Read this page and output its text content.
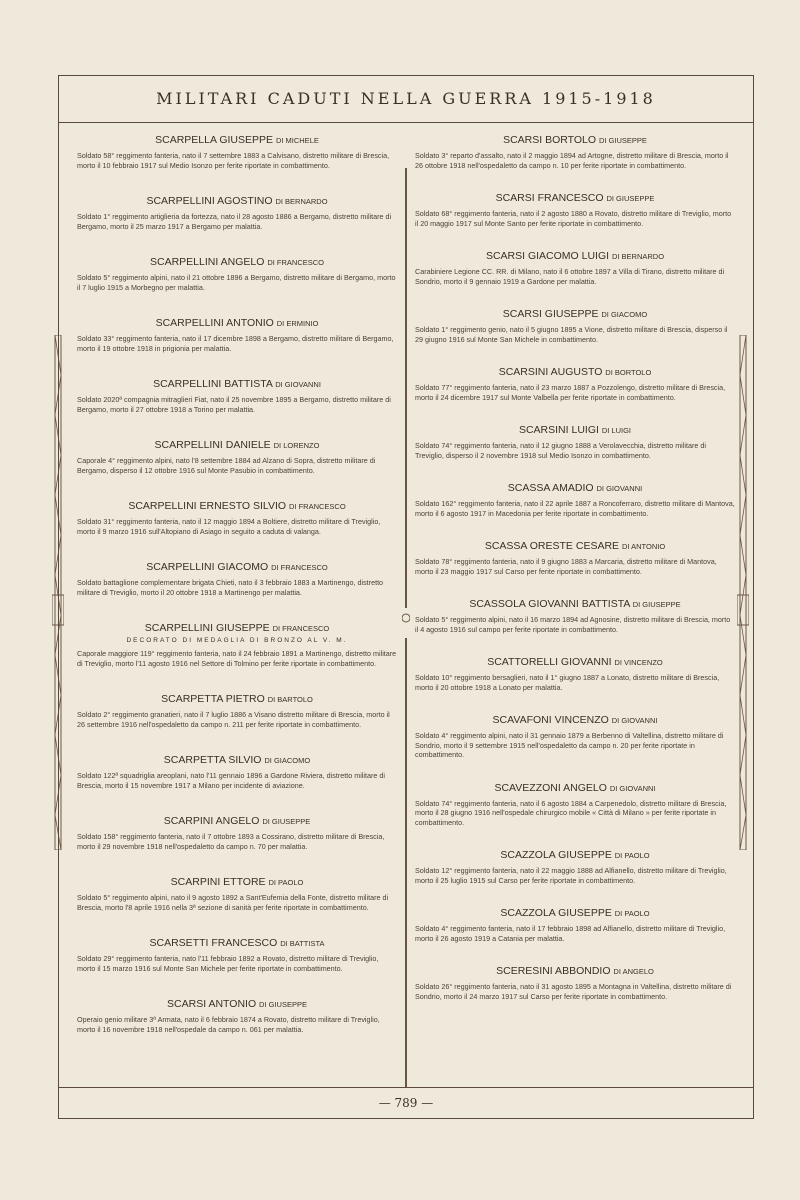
MILITARI CADUTI NELLA GUERRA 1915-1918
SCARPELLA GIUSEPPE DI MICHELE
Soldato 58° reggimento fanteria, nato il 7 settembre 1883 a Calvisano, distretto militare di Brescia, morto il 10 febbraio 1917 sul Medio Isonzo per ferite riportate in combattimento.
SCARPELLINI AGOSTINO DI BERNARDO
Soldato 1° reggimento artiglieria da fortezza, nato il 28 agosto 1886 a Bergamo, distretto militare di Bergamo, morto il 25 marzo 1917 a Bergamo per malattia.
SCARPELLINI ANGELO DI FRANCESCO
Soldato 5° reggimento alpini, nato il 21 ottobre 1896 a Bergamo, distretto militare di Bergamo, morto il 7 luglio 1915 a Morbegno per malattia.
SCARPELLINI ANTONIO DI ERMINIO
Soldato 33° reggimento fanteria, nato il 17 dicembre 1898 a Bergamo, distretto militare di Bergamo, morto il 19 ottobre 1918 in prigionia per malattia.
SCARPELLINI BATTISTA DI GIOVANNI
Soldato 2020ª compagnia mitraglieri Fiat, nato il 25 novembre 1895 a Bergamo, distretto militare di Bergamo, morto il 27 ottobre 1918 a Torino per malattia.
SCARPELLINI DANIELE DI LORENZO
Caporale 4° reggimento alpini, nato l'8 settembre 1884 ad Alzano di Sopra, distretto militare di Bergamo, disperso il 12 ottobre 1916 sul Monte Pasubio in combattimento.
SCARPELLINI ERNESTO SILVIO DI FRANCESCO
Soldato 31° reggimento fanteria, nato il 12 maggio 1894 a Boltiere, distretto militare di Treviglio, morto il 9 marzo 1916 sull'Altopiano di Asiago in seguito a caduta di valanga.
SCARPELLINI GIACOMO DI FRANCESCO
Soldato battaglione complementare brigata Chieti, nato il 3 febbraio 1883 a Martinengo, distretto militare di Treviglio, morto il 20 ottobre 1918 a Martinengo per malattia.
SCARPELLINI GIUSEPPE DI FRANCESCO
DECORATO DI MEDAGLIA DI BRONZO AL V. M.
Caporale maggiore 119° reggimento fanteria, nato il 24 febbraio 1891 a Martinengo, distretto militare di Treviglio, morto l'11 agosto 1916 nel Settore di Tolmino per ferite riportate in combattimento.
SCARPETTA PIETRO DI BARTOLO
Soldato 2° reggimento granatieri, nato il 7 luglio 1886 a Visano distretto militare di Brescia, morto il 26 settembre 1916 nell'ospedaletto da campo n. 211 per ferite riportate in combattimento.
SCARPETTA SILVIO DI GIACOMO
Soldato 122ª squadriglia areoplani, nato l'11 gennaio 1896 a Gardone Riviera, distretto militare di Brescia, morto il 15 novembre 1917 a Milano per incidente di aviazione.
SCARPINI ANGELO DI GIUSEPPE
Soldato 158° reggimento fanteria, nato il 7 ottobre 1893 a Cossirano, distretto militare di Brescia, morto il 29 novembre 1918 nell'ospedaletto da campo n. 70 per malattia.
SCARPINI ETTORE DI PAOLO
Soldato 5° reggimento alpini, nato il 9 agosto 1892 a Sant'Eufemia della Fonte, distretto militare di Brescia, morto l'8 aprile 1916 nella 3ª sezione di sanità per ferite riportate in combattimento.
SCARSETTI FRANCESCO DI BATTISTA
Soldato 29° reggimento fanteria, nato l'11 febbraio 1892 a Rovato, distretto militare di Treviglio, morto il 15 marzo 1916 sul Monte San Michele per ferite riportate in combattimento.
SCARSI ANTONIO DI GIUSEPPE
Operaio genio militare 3ª Armata, nato il 6 febbraio 1874 a Rovato, distretto militare di Treviglio, morto il 16 novembre 1918 nell'ospedale da campo n. 061 per malattia.
SCARSI BORTOLO DI GIUSEPPE
Soldato 3° reparto d'assalto, nato il 2 maggio 1894 ad Artogne, distretto militare di Brescia, morto il 26 ottobre 1918 nell'ospedaletto da campo n. 10 per ferite riportate in combattimento.
SCARSI FRANCESCO DI GIUSEPPE
Soldato 68° reggimento fanteria, nato il 2 agosto 1880 a Rovato, distretto militare di Treviglio, morto il 20 maggio 1917 sul Monte Santo per ferite riportate in combattimento.
SCARSI GIACOMO LUIGI DI BERNARDO
Carabiniere Legione CC. RR. di Milano, nato il 6 ottobre 1897 a Villa di Tirano, distretto militare di Sondrio, morto il 9 gennaio 1919 a Gardone per malattia.
SCARSI GIUSEPPE DI GIACOMO
Soldato 1° reggimento genio, nato il 5 giugno 1895 a Vione, distretto militare di Brescia, disperso il 29 giugno 1916 sul Monte San Michele in combattimento.
SCARSINI AUGUSTO DI BORTOLO
Soldato 77° reggimento fanteria, nato il 23 marzo 1887 a Pozzolengo, distretto militare di Brescia, morto il 24 dicembre 1917 sul Monte Valbella per ferite riportate in combattimento.
SCARSINI LUIGI DI LUIGI
Soldato 74° reggimento fanteria, nato il 12 giugno 1888 a Verolavecchia, distretto militare di Treviglio, disperso il 2 novembre 1918 sul Medio Isonzo in combattimento.
SCASSA AMADIO DI GIOVANNI
Soldato 162° reggimento fanteria, nato il 22 aprile 1887 a Roncoferraro, distretto militare di Mantova, morto il 6 agosto 1917 in Macedonia per ferite riportate in combattimento.
SCASSA ORESTE CESARE DI ANTONIO
Soldato 78° reggimento fanteria, nato il 9 giugno 1883 a Marcaria, distretto militare di Mantova, morto il 23 maggio 1917 sul Carso per ferite riportate in combattimento.
SCASSOLA GIOVANNI BATTISTA DI GIUSEPPE
Soldato 5° reggimento alpini, nato il 16 marzo 1894 ad Agnosine, distretto militare di Brescia, morto il 4 agosto 1916 sul campo per ferite riportate in combattimento.
SCATTORELLI GIOVANNI DI VINCENZO
Soldato 10° reggimento bersaglieri, nato il 1° giugno 1887 a Lonato, distretto militare di Brescia, morto il 20 ottobre 1918 a Lonato per malattia.
SCAVAFONI VINCENZO DI GIOVANNI
Soldato 4° reggimento alpini, nato il 31 gennaio 1879 a Berbenno di Valtellina, distretto militare di Sondrio, morto il 9 settembre 1915 nell'ospedaletto da campo n. 20 per ferite riportate in combattimento.
SCAVEZZONI ANGELO DI GIOVANNI
Soldato 74° reggimento fanteria, nato il 6 agosto 1884 a Carpenedolo, distretto militare di Brescia, morto il 28 giugno 1916 nell'ospedale chirurgico mobile « Città di Milano » per ferite riportate in combattimento.
SCAZZOLA GIUSEPPE DI PAOLO
Soldato 12° reggimento fanteria, nato il 22 maggio 1888 ad Alfianello, distretto militare di Treviglio, morto il 25 luglio 1915 sul Carso per ferite riportate in combattimento.
SCAZZOLA GIUSEPPE DI PAOLO
Soldato 4° reggimento fanteria, nato il 17 febbraio 1898 ad Alfianello, distretto militare di Treviglio, morto il 26 agosto 1919 a Catania per malattia.
SCERESINI ABBONDIO DI ANGELO
Soldato 26° reggimento fanteria, nato il 31 agosto 1895 a Montagna in Valtellina, distretto militare di Sondrio, morto il 24 marzo 1917 sul Carso per ferite riportate in combattimento.
— 789 —
